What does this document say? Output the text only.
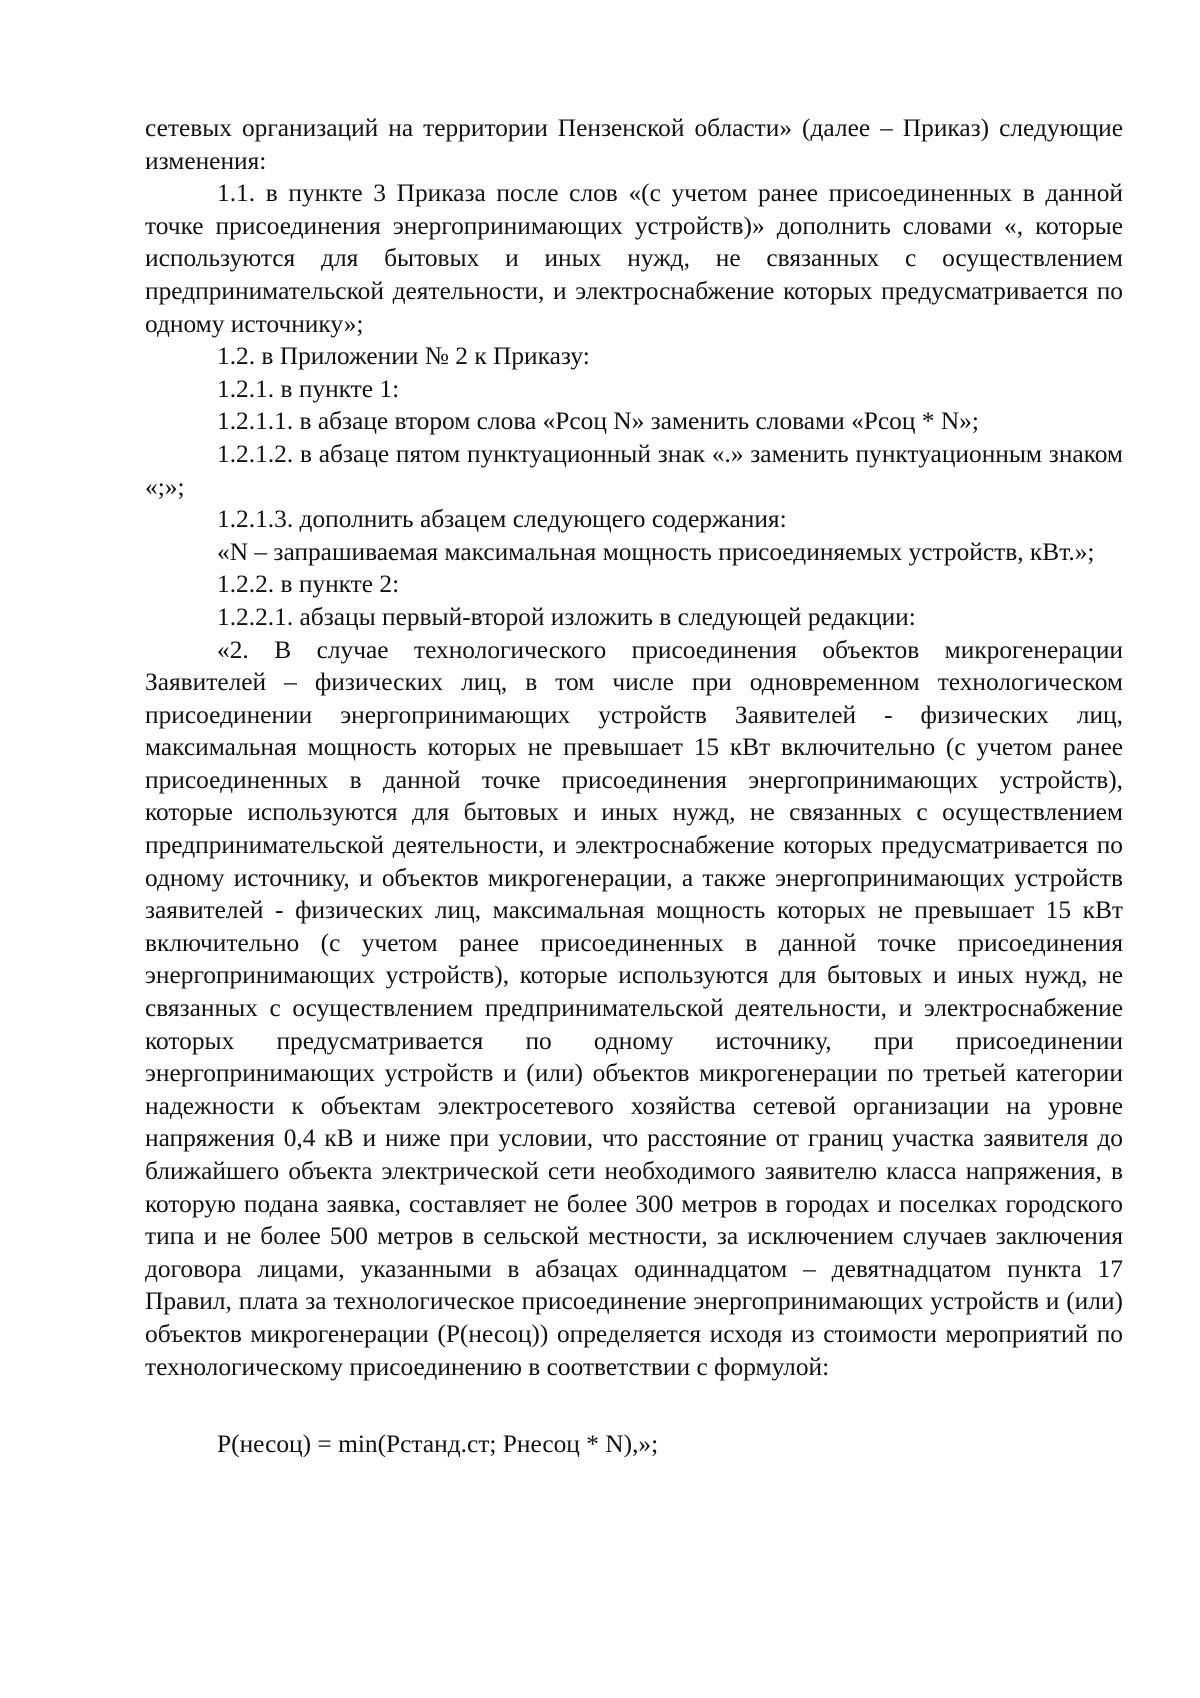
сетевых организаций на территории Пензенской области» (далее – Приказ) следующие изменения:

1.1. в пункте 3 Приказа после слов «(с учетом ранее присоединенных в данной точке присоединения энергопринимающих устройств)» дополнить словами «, которые используются для бытовых и иных нужд, не связанных с осуществлением предпринимательской деятельности, и электроснабжение которых предусматривается по одному источнику»;

1.2. в Приложении № 2 к Приказу:

1.2.1. в пункте 1:

1.2.1.1. в абзаце втором слова «Pсоц N» заменить словами «Pсоц * N»;

1.2.1.2. в абзаце пятом пунктуационный знак «.» заменить пунктуационным знаком «;»;

1.2.1.3. дополнить абзацем следующего содержания:

«N – запрашиваемая максимальная мощность присоединяемых устройств, кВт.»;

1.2.2. в пункте 2:

1.2.2.1. абзацы первый-второй изложить в следующей редакции:

«2. В случае технологического присоединения объектов микрогенерации Заявителей – физических лиц, в том числе при одновременном технологическом присоединении энергопринимающих устройств Заявителей - физических лиц, максимальная мощность которых не превышает 15 кВт включительно (с учетом ранее присоединенных в данной точке присоединения энергопринимающих устройств), которые используются для бытовых и иных нужд, не связанных с осуществлением предпринимательской деятельности, и электроснабжение которых предусматривается по одному источнику, и объектов микрогенерации, а также энергопринимающих устройств заявителей - физических лиц, максимальная мощность которых не превышает 15 кВт включительно (с учетом ранее присоединенных в данной точке присоединения энергопринимающих устройств), которые используются для бытовых и иных нужд, не связанных с осуществлением предпринимательской деятельности, и электроснабжение которых предусматривается по одному источнику, при присоединении энергопринимающих устройств и (или) объектов микрогенерации по третьей категории надежности к объектам электросетевого хозяйства сетевой организации на уровне напряжения 0,4 кВ и ниже при условии, что расстояние от границ участка заявителя до ближайшего объекта электрической сети необходимого заявителю класса напряжения, в которую подана заявка, составляет не более 300 метров в городах и поселках городского типа и не более 500 метров в сельской местности, за исключением случаев заключения договора лицами, указанными в абзацах одиннадцатом – девятнадцатом пункта 17 Правил, плата за технологическое присоединение энергопринимающих устройств и (или) объектов микрогенерации (P(несоц)) определяется исходя из стоимости мероприятий по технологическому присоединению в соответствии с формулой:

P(несоц) = min(Pстанд.ст; Pнесоц * N),»;
